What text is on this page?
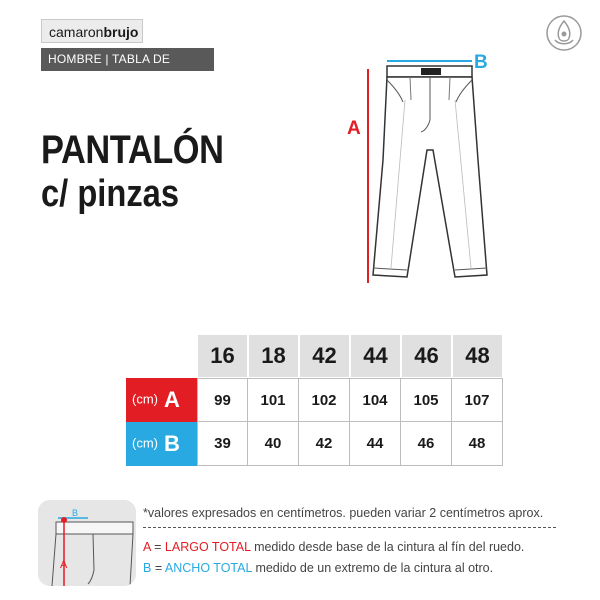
camaronbrujo
HOMBRE | TABLA DE TALLES
PANTALÓN
c/ pinzas
B
A
	16	18	42	44	46	48
(cm) A	99	101	102	104	105	107
(cm) B	39	40	42	44	46	48
B
A
*valores expresados en centímetros. pueden variar 2 centímetros aprox.
A = LARGO TOTAL medido desde base de la cintura al fín del ruedo.
B = ANCHO TOTAL medido de un extremo de la cintura al otro.
